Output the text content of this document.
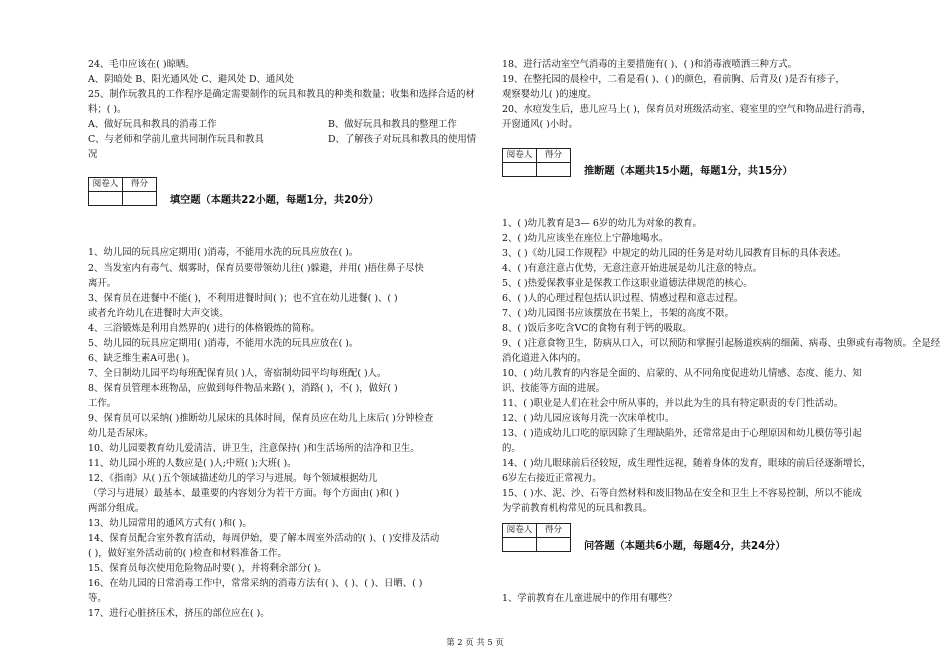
24、毛巾应该在( )晾晒。
A、阴暗处 B、阳光通风处 C、避风处 D、通风处
25、制作玩教具的工作程序是确定需要制作的玩具和教具的种类和数量；收集和选择合适的材
料；( )。
A、做好玩具和教具的消毒工作	B、做好玩具和教具的整理工作
C、与老师和学前儿童共同制作玩具和教具	D、了解孩子对玩具和教具的使用情
况
阅卷人	得分

填空题（本题共22小题，每题1分，共20分）
1、幼儿园的玩具应定期用( )消毒，不能用水洗的玩具应放在( )。
2、当发室内有毒气、烟雾时，保育员要带领幼儿往( )躲避，并用( )捂住鼻子尽快
离开。
3、保育员在进餐中不能( )，不利用进餐时间( )；也不宜在幼儿进餐( )、( )
或者允许幼儿在进餐时大声交谈。
4、三浴锻炼是利用自然界的( )进行的体格锻炼的简称。
5、幼儿园的玩具应定期用( )消毒，不能用水洗的玩具应放在( )。
6、缺乏维生素A可患( )。
7、全日制幼儿园平均每班配保育员( )人，寄宿制幼园平均每班配( )人。
8、保育员管理本班物品，应做到每件物品来路( )，消路( )，不( )，做好( )
工作。
9、保育员可以采纳( )推断幼儿尿床的具体时间，保育员应在幼儿上床后( )分钟检查
幼儿是否尿床。
10、幼儿园要教育幼儿爱清洁、讲卫生，注意保持( )和生活场所的洁净和卫生。
11、幼儿园小班的人数应是( )人;中班( );大班( )。
12、《指南》从( )五个领域描述幼儿的学习与进展。每个领域根据幼儿
（学习与进展）最基本、最重要的内容划分为若干方面。每个方面由( )和( )
两部分组成。
13、幼儿园常用的通风方式有( )和( )。
14、保育员配合室外教育活动，每周伊始，要了解本周室外活动的( )、( )安排及活动
( )，做好室外活动前的( )检查和材料准备工作。
15、保育员每次使用危险物品时要( )，并将剩余部分( )。
16、在幼儿园的日常消毒工作中，常常采纳的消毒方法有( )、( )、( )、日晒、( )
等。
17、进行心脏挤压术，挤压的部位应在( )。
18、进行活动室空气消毒的主要措施有( )、( )和消毒液喷洒三种方式。
19、在整托园的晨检中，二看是看( )、( )的颜色，看前胸、后背及( )是否有疹子，
观察婴幼儿( )的速度。
20、水痘发生后，患儿应马上( )，保育员对班级活动室、寝室里的空气和物品进行消毒，
开窗通风( )小时。
阅卷人	得分

推断题（本题共15小题，每题1分，共15分）
1、( )幼儿教育是3— 6岁的幼儿为对象的教育。
2、( )幼儿应该坐在座位上宁静地喝水。
3、( )《幼儿园工作规程》中规定的幼儿园的任务是对幼儿园教育目标的具体表述。
4、( )有意注意占优势，无意注意开始进展是幼儿注意的特点。
5、( )热爱保教事业是保教工作这职业道德法律规范的核心。
6、( )人的心理过程包括认识过程、情感过程和意志过程。
7、( )幼儿园图书应该摆放在书架上，书架的高度不限。
8、( )饭后多吃含VC的食物有利于钙的吸取。
9、( )注意食物卫生，防病从口入，可以预防和掌握引起肠道疾病的细菌、病毒、虫卵或有毒物质。全是经
消化道进入体内的。
10、( )幼儿教育的内容是全面的、启蒙的、从不同角度促进幼儿情感、态度、能力、知
识、技能等方面的进展。
11、( )职业是人们在社会中所从事的，并以此为生的具有特定职责的专门性活动。
12、( )幼儿园应该每月洗一次床单枕巾。
13、( )造成幼儿口吃的原因除了生理缺陷外，还常常是由于心理原因和幼儿模仿等引起
的。
14、( )幼儿眼球前后径较短，成生理性远视，随着身体的发育，眼球的前后径逐渐增长，
6岁左右接近正常视力。
15、( )水、泥、沙、石等自然材料和废旧物品在安全和卫生上不容易控制，所以不能成
为学前教育机构常见的玩具和教具。
阅卷人	得分

问答题（本题共6小题，每题4分，共24分）
1、学前教育在儿童进展中的作用有哪些？
第 2 页 共 5 页
